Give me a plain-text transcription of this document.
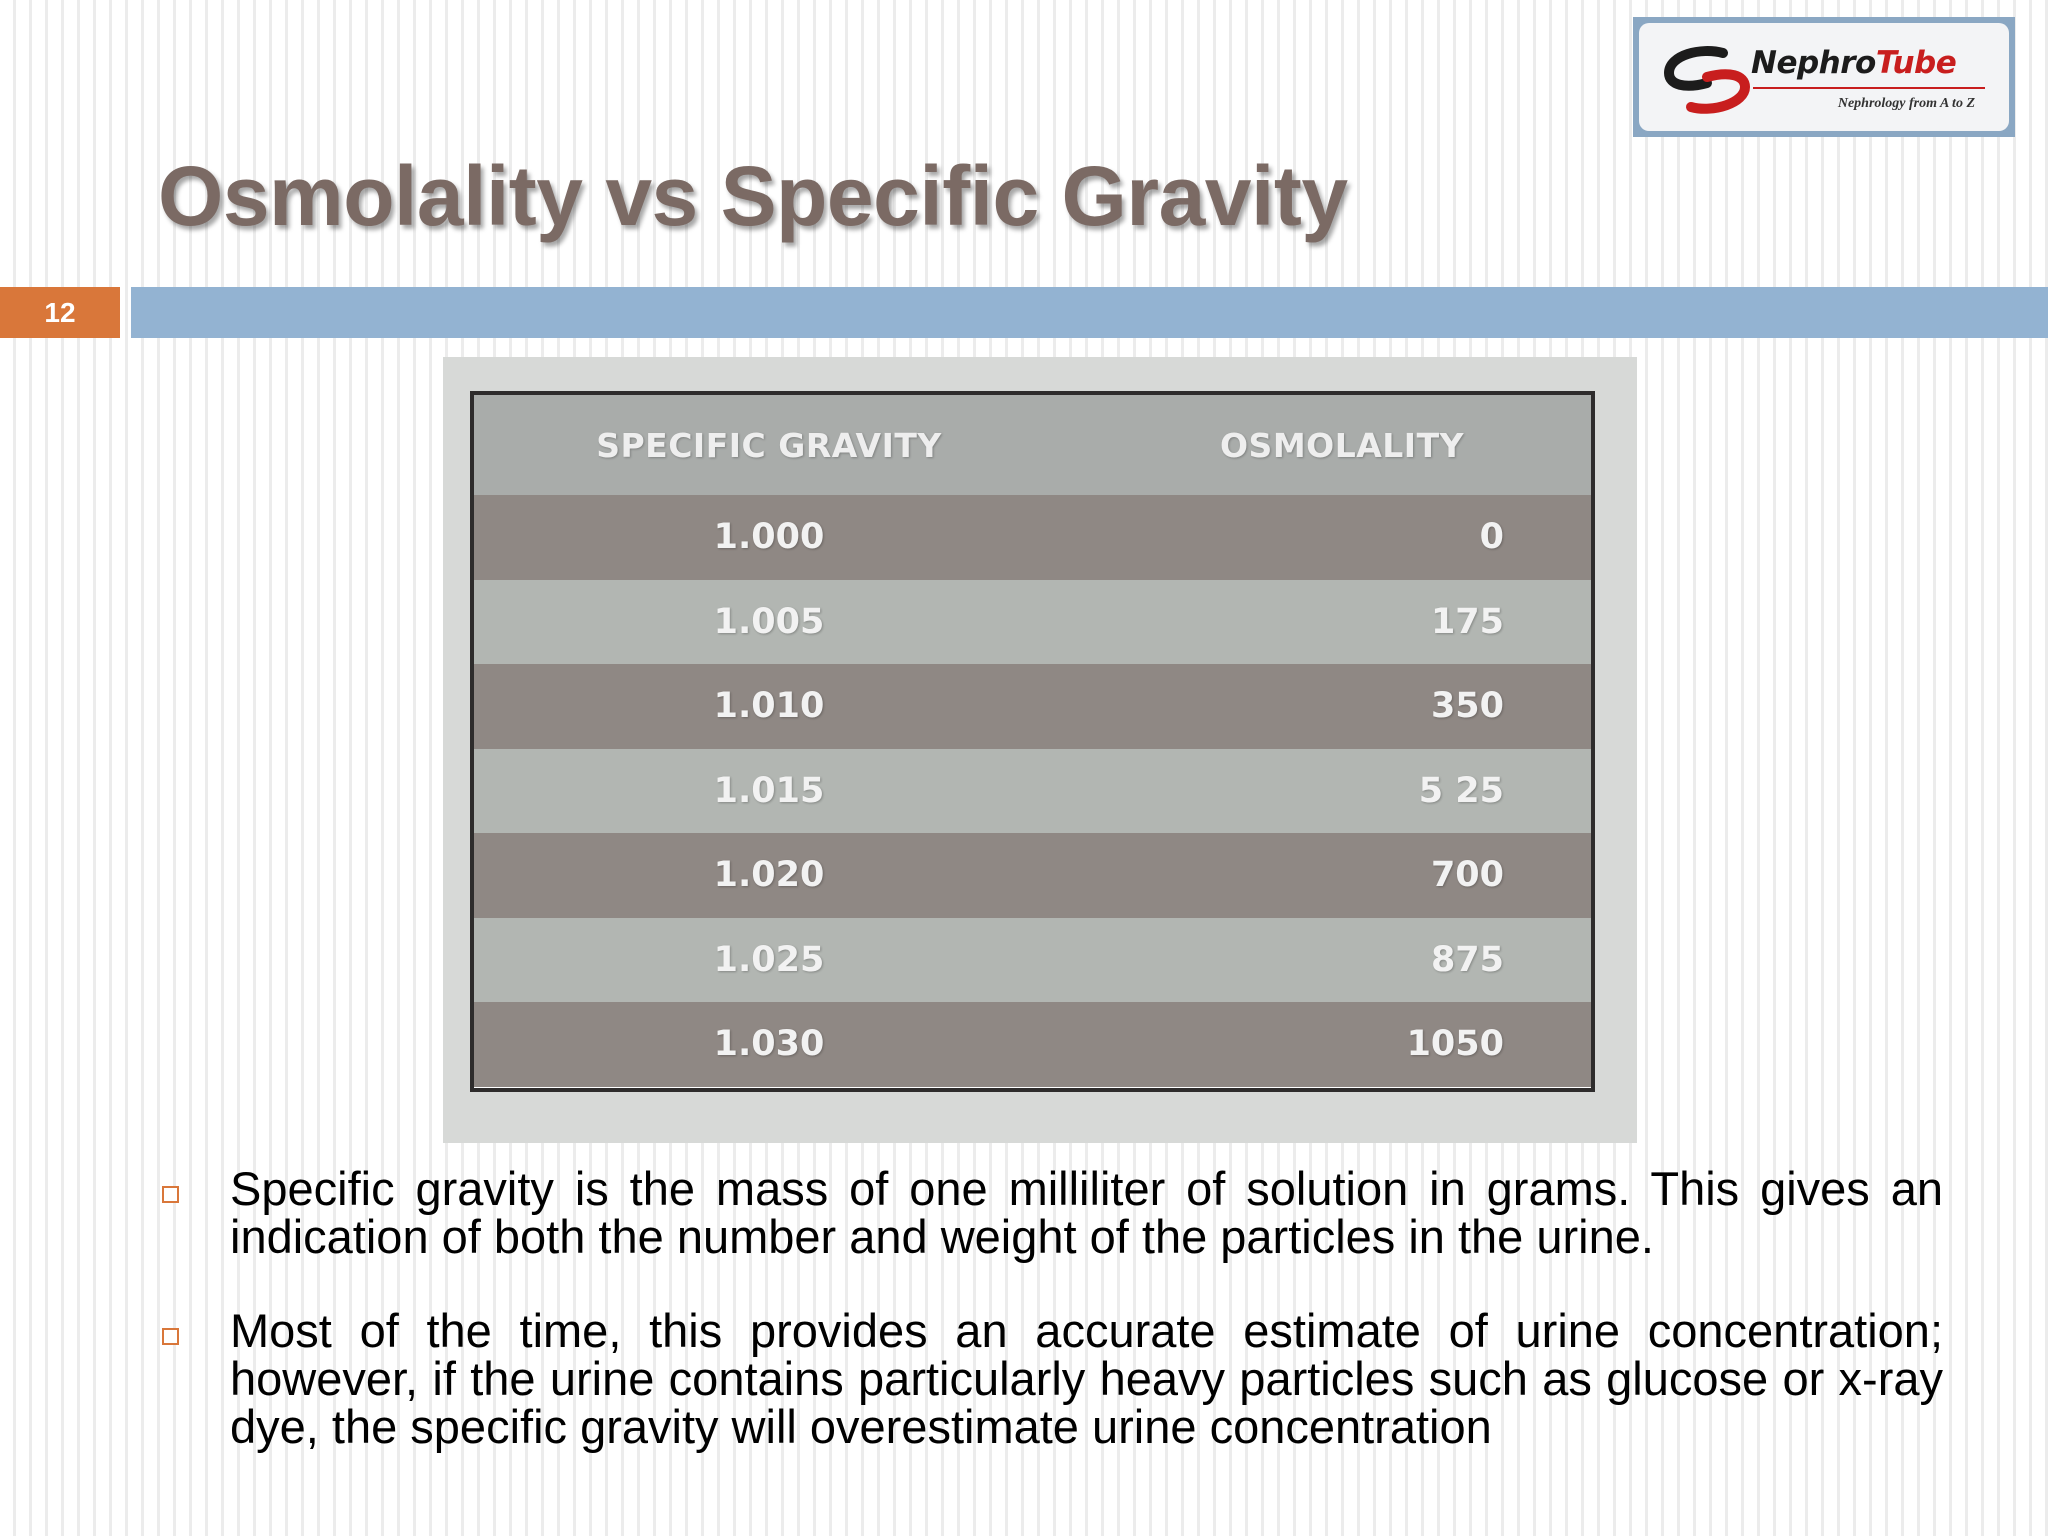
NephroTube
Nephrology from A to Z
Osmolality vs Specific Gravity
12
SPECIFIC GRAVITY	OSMOLALITY
1.000	0
1.005	175
1.010	350
1.015	5 25
1.020	700
1.025	875
1.030	1050

Specific gravity is the mass of one milliliter of solution in grams. This gives an indication of both the number and weight of the particles in the urine.

Most of the time, this provides an accurate estimate of urine concentration; however, if the urine contains particularly heavy particles such as glucose or x-ray dye, the specific gravity will overestimate urine concentration
